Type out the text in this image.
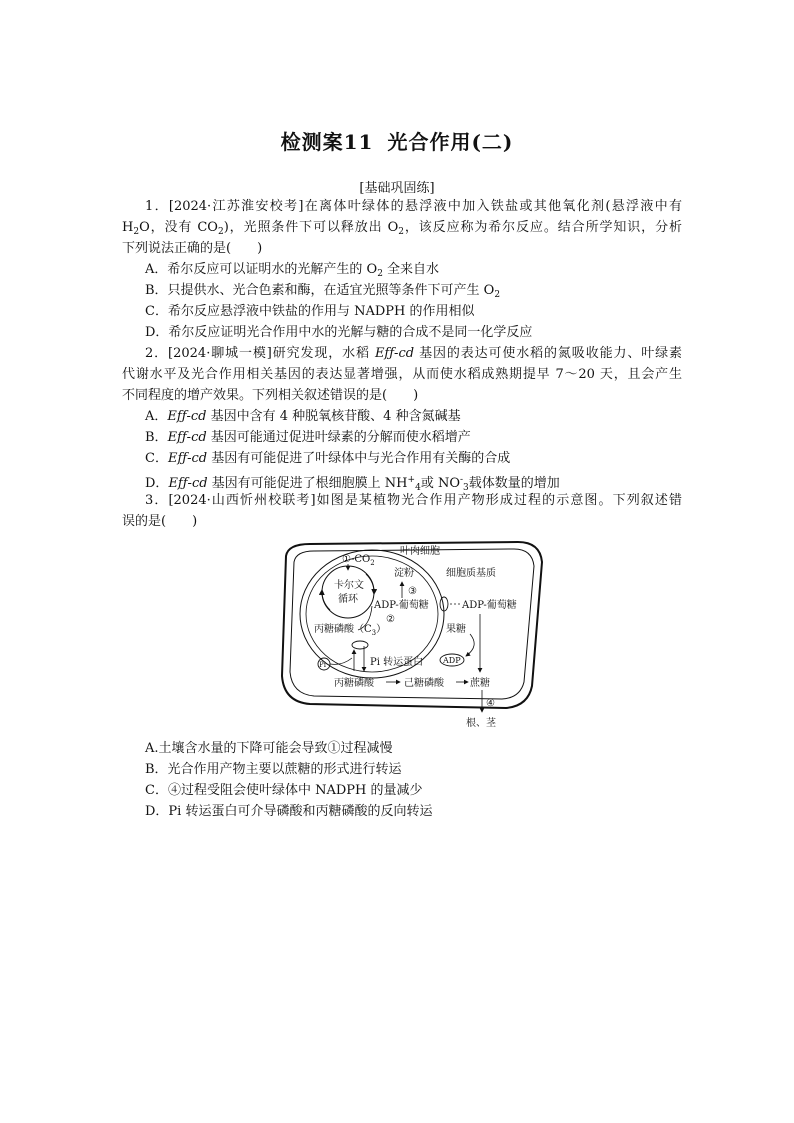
检测案11 光合作用(二)
[基础巩固练]
1．[2024·江苏淮安校考]在离体叶绿体的悬浮液中加入铁盐或其他氧化剂(悬浮液中有
$H_2O$，没有 $CO_2$)，光照条件下可以释放出 $O_2$，该反应称为希尔反应。结合所学知识，分析
下列说法正确的是( )
A．希尔反应可以证明水的光解产生的 $O_2$ 全来自水
B．只提供水、光合色素和酶，在适宜光照等条件下可产生 $O_2$
C．希尔反应悬浮液中铁盐的作用与 NADPH 的作用相似
D．希尔反应证明光合作用中水的光解与糖的合成不是同一化学反应
2．[2024·聊城一模]研究发现，水稻 Efƒ-cd 基因的表达可使水稻的氮吸收能力、叶绿素
代谢水平及光合作用相关基因的表达显著增强，从而使水稻成熟期提早 7～20 天，且会产生
不同程度的增产效果。下列相关叙述错误的是( )
A．Efƒ-cd 基因中含有 4 种脱氧核苷酸、4 种含氮碱基
B．Efƒ-cd 基因可能通过促进叶绿素的分解而使水稻增产
C．Efƒ-cd 基因有可能促进了叶绿体中与光合作用有关酶的合成
D．Efƒ-cd 基因有可能促进了根细胞膜上 $NH^+_4$或 $NO^-_3$载体数量的增加
3．[2024·山西忻州校联考]如图是某植物光合作用产物形成过程的示意图。下列叙述错
误的是( )
卡尔文
循环
$①-CO_2$
叶肉细胞
淀粉
③
细胞质基质
ADP-葡萄糖	ADP-葡萄糖
②
丙糖磷酸$(C_3)$	果糖
ADP
Pi	Pi 转运蛋白
丙糖磷酸	己糖磷酸	蔗糖
④
根、茎
A.土壤含水量的下降可能会导致①过程减慢
B．光合作用产物主要以蔗糖的形式进行转运
C．④过程受阻会使叶绿体中 NADPH 的量减少
D．Pi 转运蛋白可介导磷酸和丙糖磷酸的反向转运
